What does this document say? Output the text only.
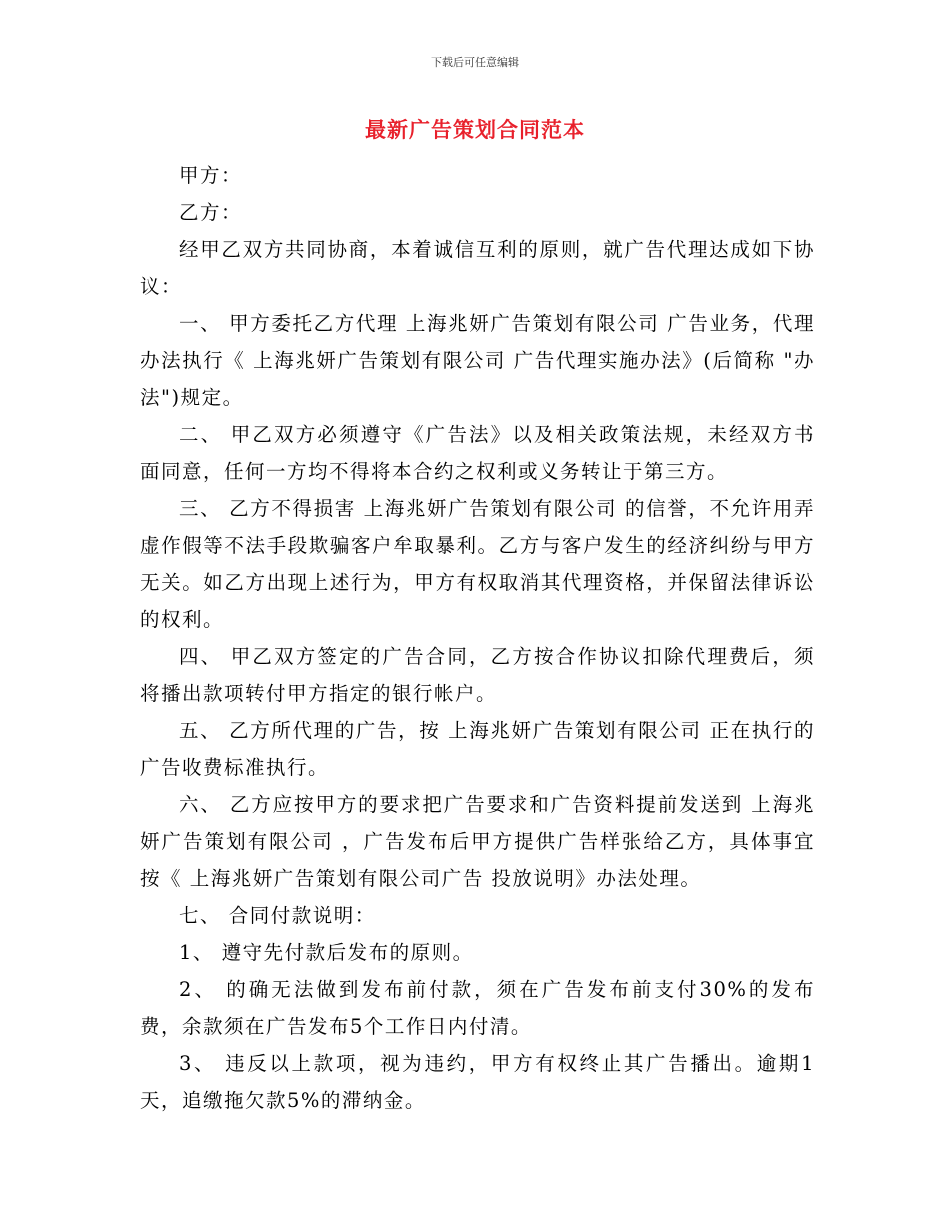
下载后可任意编辑
最新广告策划合同范本

甲方：

乙方：

经甲乙双方共同协商，本着诚信互利的原则，就广告代理达成如下协议：

一、 甲方委托乙方代理 上海兆妍广告策划有限公司 广告业务，代理办法执行《 上海兆妍广告策划有限公司 广告代理实施办法》(后简称 "办法")规定。

二、 甲乙双方必须遵守《广告法》以及相关政策法规，未经双方书面同意，任何一方均不得将本合约之权利或义务转让于第三方。

三、 乙方不得损害 上海兆妍广告策划有限公司 的信誉，不允许用弄虚作假等不法手段欺骗客户牟取暴利。乙方与客户发生的经济纠纷与甲方无关。如乙方出现上述行为，甲方有权取消其代理资格，并保留法律诉讼的权利。

四、 甲乙双方签定的广告合同，乙方按合作协议扣除代理费后，须将播出款项转付甲方指定的银行帐户。

五、 乙方所代理的广告，按 上海兆妍广告策划有限公司 正在执行的广告收费标准执行。

六、 乙方应按甲方的要求把广告要求和广告资料提前发送到 上海兆妍广告策划有限公司 ，广告发布后甲方提供广告样张给乙方，具体事宜按《 上海兆妍广告策划有限公司广告 投放说明》办法处理。

七、 合同付款说明：

1、 遵守先付款后发布的原则。

2、 的确无法做到发布前付款，须在广告发布前支付30%的发布费，余款须在广告发布5个工作日内付清。

3、 违反以上款项，视为违约，甲方有权终止其广告播出。逾期1天，追缴拖欠款5%的滞纳金。
